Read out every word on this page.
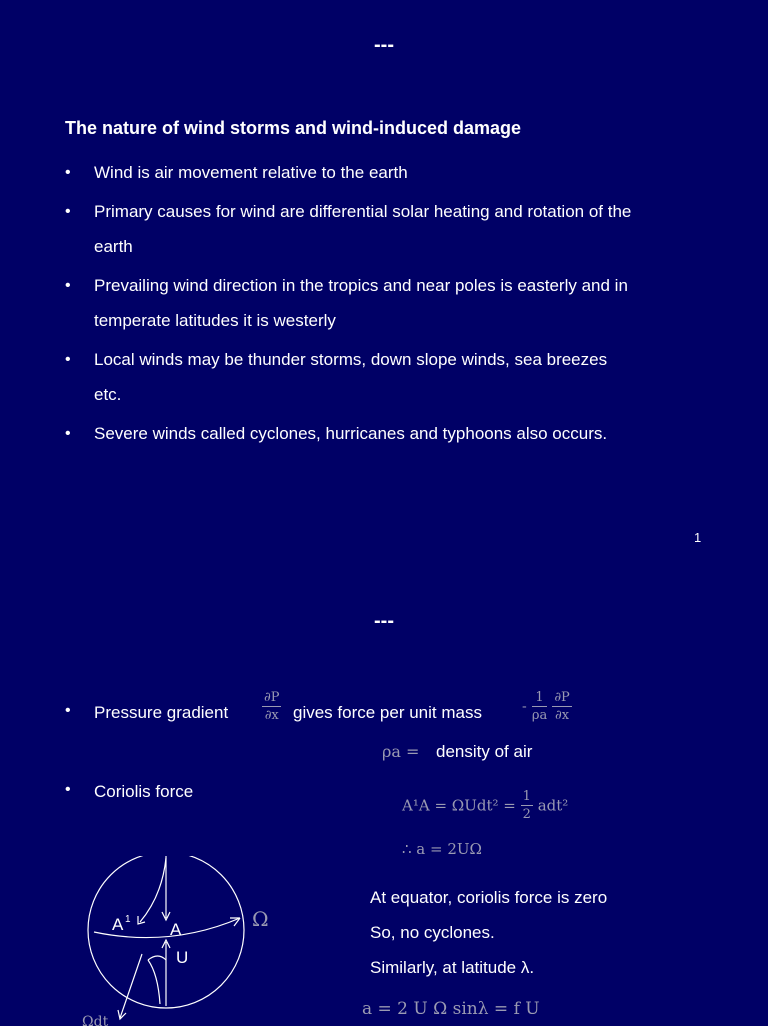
---
The nature of wind storms and wind-induced damage
• Wind is air movement relative to the earth
• Primary causes for wind are differential solar heating and rotation of the
earth
• Prevailing wind direction in the tropics and near poles is easterly and in
temperate latitudes it is westerly
• Local winds may be thunder storms, down slope winds, sea breezes
etc.
• Severe winds called cyclones, hurricanes and typhoons also occurs.
1
---
• Pressure gradient	$\frac{\partial P}{\partial x}$ gives force per unit mass	- $\frac{1}{\rho a}$
$\frac{\partial P}{\partial x}$
ρa = density of air
• Coriolis force
$A^1A = \Omega Udt^2 = \frac{1}{2} adt^2$
∴ a = 2UΩ
A 1
A
U
Ω
Ωdt
At equator, coriolis force is zero
So, no cyclones.
Similarly, at latitude λ.
a = 2 U Ω sinλ = f U
